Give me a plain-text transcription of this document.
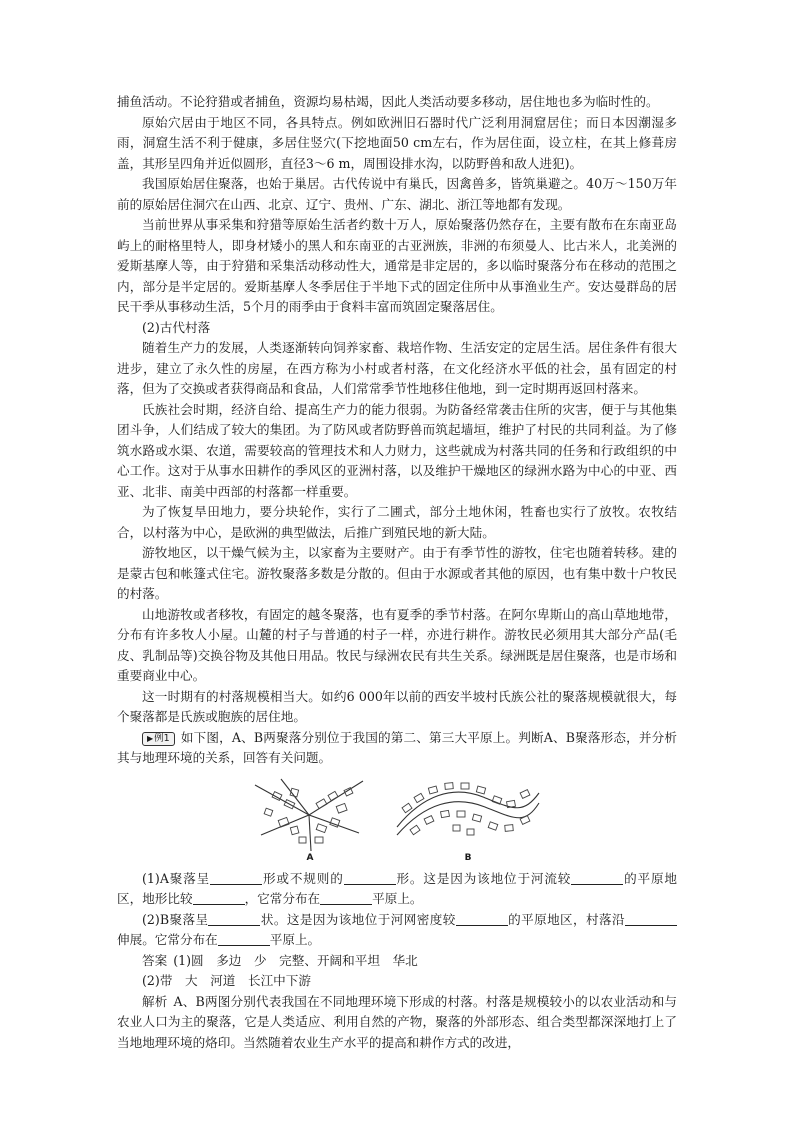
捕鱼活动。不论狩猎或者捕鱼，资源均易枯竭，因此人类活动要多移动，居住地也多为临时性的。

原始穴居由于地区不同，各具特点。例如欧洲旧石器时代广泛利用洞窟居住；而日本因潮湿多雨，洞窟生活不利于健康，多居住竖穴(下挖地面50 cm左右，作为居住面，设立柱，在其上修葺房盖，其形呈四角并近似圆形，直径3～6 m，周围设排水沟，以防野兽和敌人进犯)。

我国原始居住聚落，也始于巢居。古代传说中有巢氏，因禽兽多，皆筑巢避之。40万～150万年前的原始居住洞穴在山西、北京、辽宁、贵州、广东、湖北、浙江等地都有发现。

当前世界从事采集和狩猎等原始生活者约数十万人，原始聚落仍然存在，主要有散布在东南亚岛屿上的耐格里特人，即身材矮小的黑人和东南亚的古亚洲族，非洲的布须曼人、比古米人，北美洲的爱斯基摩人等，由于狩猎和采集活动移动性大，通常是非定居的，多以临时聚落分布在移动的范围之内，部分是半定居的。爱斯基摩人冬季居住于半地下式的固定住所中从事渔业生产。安达曼群岛的居民干季从事移动生活，5个月的雨季由于食料丰富而筑固定聚落居住。

(2)古代村落

随着生产力的发展，人类逐渐转向饲养家畜、栽培作物、生活安定的定居生活。居住条件有很大进步，建立了永久性的房屋，在西方称为小村或者村落，在文化经济水平低的社会，虽有固定的村落，但为了交换或者获得商品和食品，人们常常季节性地移住他地，到一定时期再返回村落来。

氏族社会时期，经济自给、提高生产力的能力很弱。为防备经常袭击住所的灾害，便于与其他集团斗争，人们结成了较大的集团。为了防风或者防野兽而筑起墙垣，维护了村民的共同利益。为了修筑水路或水渠、农道，需要较高的管理技术和人力财力，这些就成为村落共同的任务和行政组织的中心工作。这对于从事水田耕作的季风区的亚洲村落，以及维护干燥地区的绿洲水路为中心的中亚、西亚、北非、南美中西部的村落都一样重要。

为了恢复旱田地力，要分块轮作，实行了二圃式，部分土地休闲，牲畜也实行了放牧。农牧结合，以村落为中心，是欧洲的典型做法，后推广到殖民地的新大陆。

游牧地区，以干燥气候为主，以家畜为主要财产。由于有季节性的游牧，住宅也随着转移。建的是蒙古包和帐篷式住宅。游牧聚落多数是分散的。但由于水源或者其他的原因，也有集中数十户牧民的村落。

山地游牧或者移牧，有固定的越冬聚落，也有夏季的季节村落。在阿尔卑斯山的高山草地地带，分布有许多牧人小屋。山麓的村子与普通的村子一样，亦进行耕作。游牧民必须用其大部分产品(毛皮、乳制品等)交换谷物及其他日用品。牧民与绿洲农民有共生关系。绿洲既是居住聚落，也是市场和重要商业中心。

这一时期有的村落规模相当大。如约6 000年以前的西安半坡村氏族公社的聚落规模就很大，每个聚落都是氏族或胞族的居住地。

▶例1 如下图，A、B两聚落分别位于我国的第二、第三大平原上。判断A、B聚落形态，并分析其与地理环境的关系，回答有关问题。

A	B

(1)A聚落呈	形或不规则的	形。这是因为该地位于河流较	的平原地区，地形比较	，它常分布在	平原上。

(2)B聚落呈	状。这是因为该地位于河网密度较	的平原地区，村落沿伸展。它常分布在	平原上。

答案 (1)圆　多边　少　完整、开阔和平坦　华北

(2)带　大　河道　长江中下游

解析 A、B两图分别代表我国在不同地理环境下形成的村落。村落是规模较小的以农业活动和与农业人口为主的聚落，它是人类适应、利用自然的产物，聚落的外部形态、组合类型都深深地打上了当地地理环境的烙印。当然随着农业生产水平的提高和耕作方式的改进，
